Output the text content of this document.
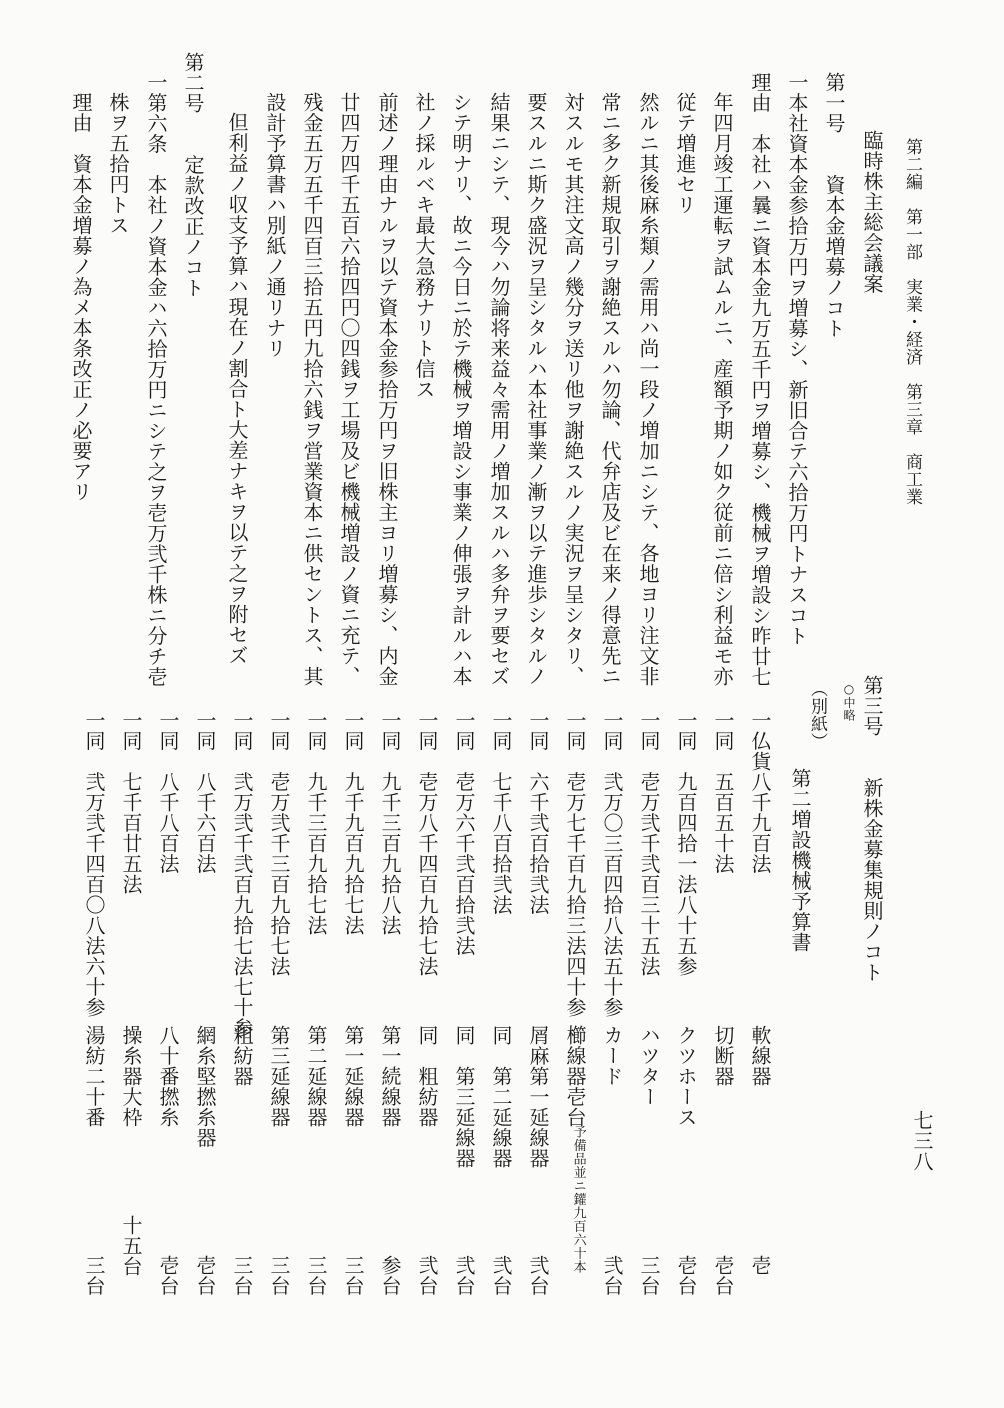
第二編　第一部　実業・経済　第三章　商工業
七三八
臨時株主総会議案
第一号　　資本金増募ノコト
一本社資本金参拾万円ヲ増募シ、新旧合テ六拾万円トナスコト
理由　本社ハ曩ニ資本金九万五千円ヲ増募シ、機械ヲ増設シ昨廿七
年四月竣工運転ヲ試ムルニ、産額予期ノ如ク従前ニ倍シ利益モ亦
従テ増進セリ
然ルニ其後麻糸類ノ需用ハ尚一段ノ増加ニシテ、各地ヨリ注文非
常ニ多ク新規取引ヲ謝絶スルハ勿論、代弁店及ビ在来ノ得意先ニ
対スルモ其注文高ノ幾分ヲ送リ他ヲ謝絶スルノ実況ヲ呈シタリ、
要スルニ斯ク盛況ヲ呈シタルハ本社事業ノ漸ヲ以テ進歩シタルノ
結果ニシテ、現今ハ勿論将来益々需用ノ増加スルハ多弁ヲ要セズ
シテ明ナリ、故ニ今日ニ於テ機械ヲ増設シ事業ノ伸張ヲ計ルハ本
社ノ採ルベキ最大急務ナリト信ス
前述ノ理由ナルヲ以テ資本金参拾万円ヲ旧株主ヨリ増募シ、内金
廿四万四千五百六拾四円〇四銭ヲ工場及ビ機械増設ノ資ニ充テ、
残金五万五千四百三拾五円九拾六銭ヲ営業資本ニ供セントス、其
設計予算書ハ別紙ノ通リナリ
但利益ノ収支予算ハ現在ノ割合ト大差ナキヲ以テ之ヲ附セズ
第二号　　定款改正ノコト
一第六条　本社ノ資本金ハ六拾万円ニシテ之ヲ壱万弐千株ニ分チ壱
株ヲ五拾円トス
理由　資本金増募ノ為メ本条改正ノ必要アリ
第三号　　新株金募集規則ノコト
○中略
（別紙）
第二増設機械予算書
一仏貨八千九百法
一同　五百五十法
一同　九百四拾一法八十五参
一同　壱万弐千弐百三十五法
一同　弐万〇三百四拾八法五十参
一同　壱万七千百九拾三法四十参
一同　六千弐百拾弐法
一同　七千八百拾弐法
一同　壱万六千弐百拾弐法
一同　壱万八千四百九拾七法
一同　九千三百九拾八法
一同　九千九百九拾七法
一同　九千三百九拾七法
一同　壱万弐千三百九拾七法
一同　弐万弐千弐百九拾七法七十参
一同　八千六百法
一同　八千八百法
一同　七千百廿五法
一同　弐万弐千四百〇八法六十参
軟線器
切断器
クツホース
ハツター
カード
櫛線器壱台
予備品並ニ鑵九百六十本
屑麻第一延線器
同　第二延線器
同　第三延線器
同　粗紡器
第一続線器
第一延線器
第二延線器
第三延線器
粗紡器
網糸堅撚糸器
八十番撚糸
操糸器大枠
湯紡二十番
壱
壱台
壱台
三台
弐台
弐台
弐台
弐台
弐台
参台
三台
三台
三台
三台
壱台
壱台
十五台
三台
